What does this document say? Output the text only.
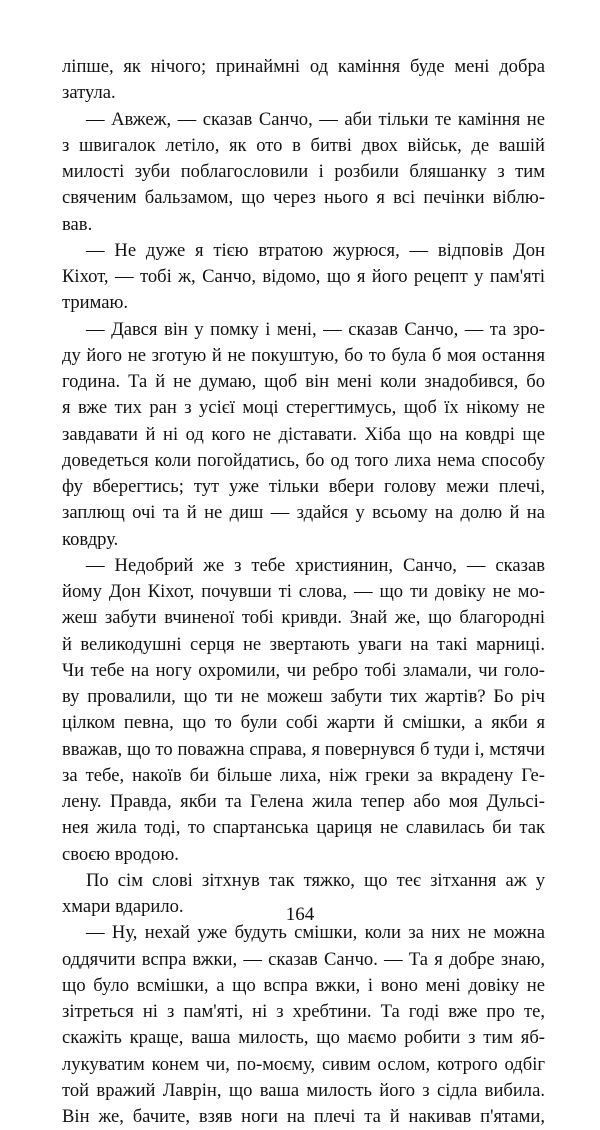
ліпше, як нічого; принаймні од каміння буде мені добра
затула.
— Авжеж, — сказав Санчо, — аби тільки те каміння не
з швигалок летіло, як ото в битві двох військ, де вашій
милості зуби поблагословили і розбили бляшанку з тим
свяченим бальзамом, що через нього я всі печінки вiблю-
вав.
— Не дуже я тією втратою журюся, — відповів Дон
Кіхот, — тобі ж, Санчо, відомо, що я його рецепт у пам'яті
тримаю.
— Дався він у помку і мені, — сказав Санчо, — та зро-
ду його не зготую й не покуштую, бо то була б моя остання
година. Та й не думаю, щоб він мені коли знадобився, бо
я вже тих ран з усієї моці стерегтимусь, щоб їх нікому не
завдавати й ні од кого не діставати. Хіба що на ковдрі ще
доведеться коли погойдатись, бо од того лиха нема способу
фу вберегтись; тут уже тільки вбери голову межи плечі,
заплющ очі та й не диш — здайся у всьому на долю й на
ковдру.
— Недобрий же з тебе християнин, Санчо, — сказав
йому Дон Кіхот, почувши ті слова, — що ти довіку не мо-
жеш забути вчиненої тобі кривди. Знай же, що благородні
й великодушні серця не звертають уваги на такі марниці.
Чи тебе на ногу охромили, чи ребро тобі зламали, чи голо-
ву провалили, що ти не можеш забути тих жартів? Бо річ
цілком певна, що то були собі жарти й смішки, а якби я
вважав, що то поважна справа, я повернувся б туди і, мстячи
за тебе, накоїв би більше лиха, ніж греки за вкрадену Ге-
лену. Правда, якби та Гелена жила тепер або моя Дульсі-
нея жила тоді, то спартанська цариця не славилась би так
своєю вродою.
По сім слові зітхнув так тяжко, що теє зітхання аж у
хмари вдарило.
— Ну, нехай уже будуть смішки, коли за них не можна
оддячити вспра вжки, — сказав Санчо. — Та я добре знаю,
що було всмішки, а що вспра вжки, і воно мені довіку не
зітреться ні з пам'яті, ні з хребтини. Та годі вже про те,
скажіть краще, ваша милость, що маємо робити з тим яб-
лукуватим конем чи, по-моєму, сивим ослом, котрого одбіг
той вражий Лаврін, що ваша милость його з сідла вибила.
Він же, бачите, взяв ноги на плечі та й накивав п'ятами,
164
